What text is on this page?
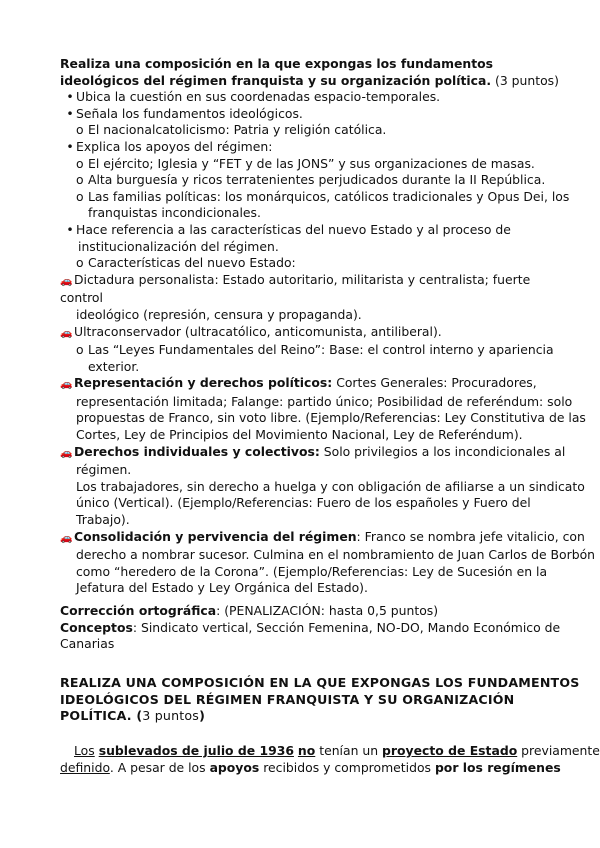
Realiza una composición en la que expongas los fundamentos ideológicos del régimen franquista y su organización política. (3 puntos)
• Ubica la cuestión en sus coordenadas espacio-temporales.
• Señala los fundamentos ideológicos.
o El nacionalcatolicismo: Patria y religión católica.
• Explica los apoyos del régimen:
o El ejército; Iglesia y “FET y de las JONS” y sus organizaciones de masas.
o Alta burguesía y ricos terratenientes perjudicados durante la II República.
o Las familias políticas: los monárquicos, católicos tradicionales y Opus Dei, los
franquistas incondicionales.
• Hace referencia a las características del nuevo Estado y al proceso de
institucionalización del régimen.
o Características del nuevo Estado:
🚗 Dictadura personalista: Estado autoritario, militarista y centralista; fuerte
control
ideológico (represión, censura y propaganda).
🚗 Ultraconservador (ultracatólico, anticomunista, antiliberal).
o Las “Leyes Fundamentales del Reino”: Base: el control interno y apariencia
exterior.
🚗 Representación y derechos políticos: Cortes Generales: Procuradores,
representación limitada; Falange: partido único; Posibilidad de referéndum: solo
propuestas de Franco, sin voto libre. (Ejemplo/Referencias: Ley Constitutiva de las
Cortes, Ley de Principios del Movimiento Nacional, Ley de Referéndum).
🚗 Derechos individuales y colectivos: Solo privilegios a los incondicionales al
régimen.
Los trabajadores, sin derecho a huelga y con obligación de afiliarse a un sindicato
único (Vertical). (Ejemplo/Referencias: Fuero de los españoles y Fuero del
Trabajo).
🚗 Consolidación y pervivencia del régimen: Franco se nombra jefe vitalicio, con
derecho a nombrar sucesor. Culmina en el nombramiento de Juan Carlos de Borbón
como “heredero de la Corona”. (Ejemplo/Referencias: Ley de Sucesión en la
Jefatura del Estado y Ley Orgánica del Estado).
Corrección ortográfica: (PENALIZACIÓN: hasta 0,5 puntos)
Conceptos: Sindicato vertical, Sección Femenina, NO-DO, Mando Económico de
Canarias
REALIZA UNA COMPOSICIÓN EN LA QUE EXPONGAS LOS FUNDAMENTOS
IDEOLÓGICOS DEL RÉGIMEN FRANQUISTA Y SU ORGANIZACIÓN
POLÍTICA. (3 puntos)
Los sublevados de julio de 1936 no tenían un proyecto de Estado previamente
definido. A pesar de los apoyos recibidos y comprometidos por los regímenes
